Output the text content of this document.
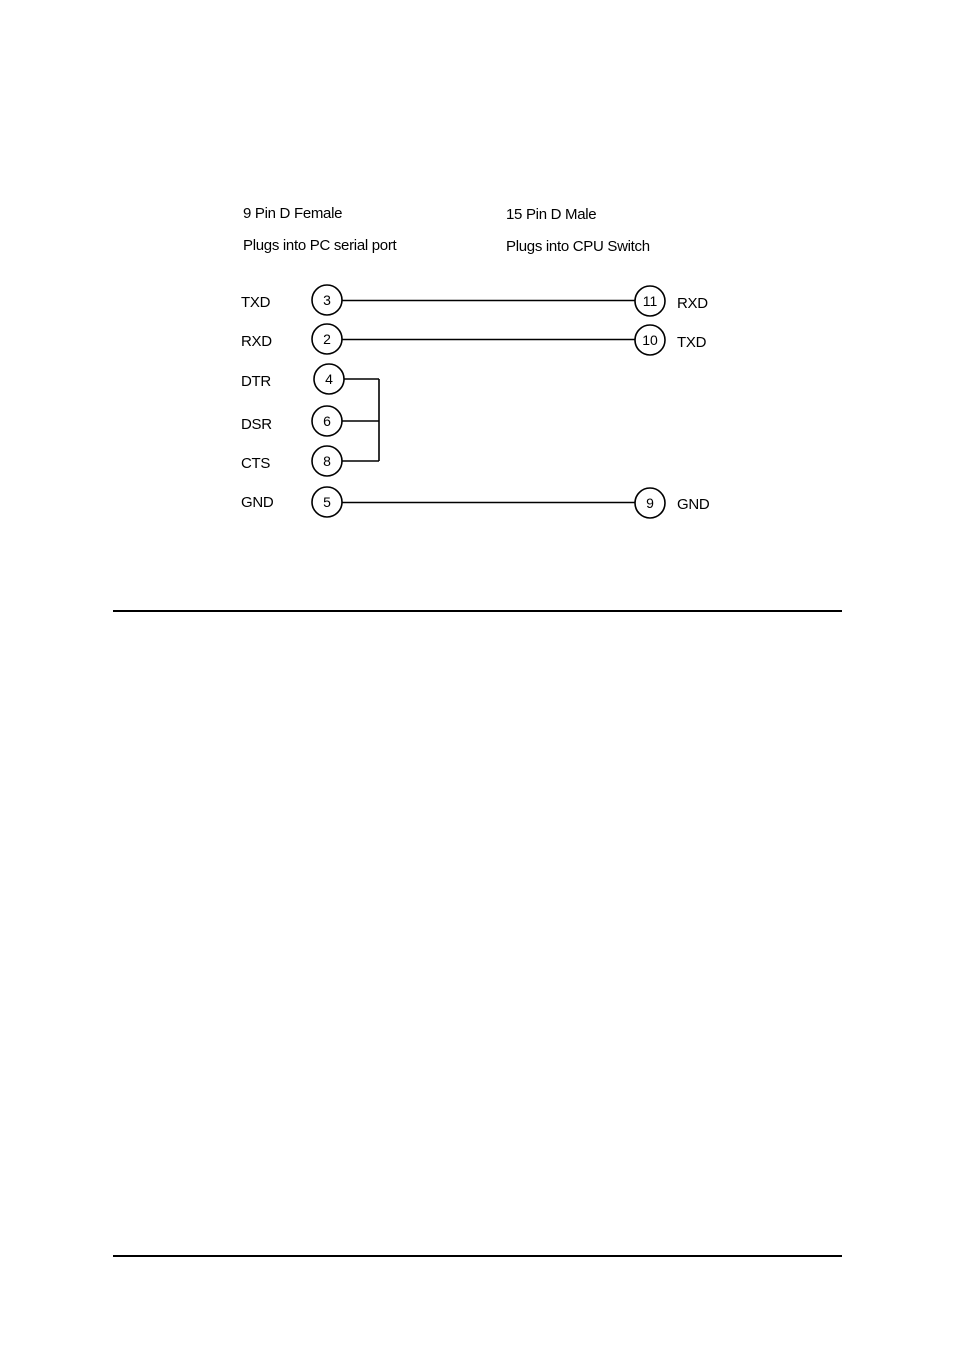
9 Pin D Female
Plugs into PC serial port
15 Pin D Male
Plugs into CPU Switch
3
TXD
2
RXD
4
DTR
6
DSR
8
CTS
5
GND
11 RXD
10 TXD
9 GND
